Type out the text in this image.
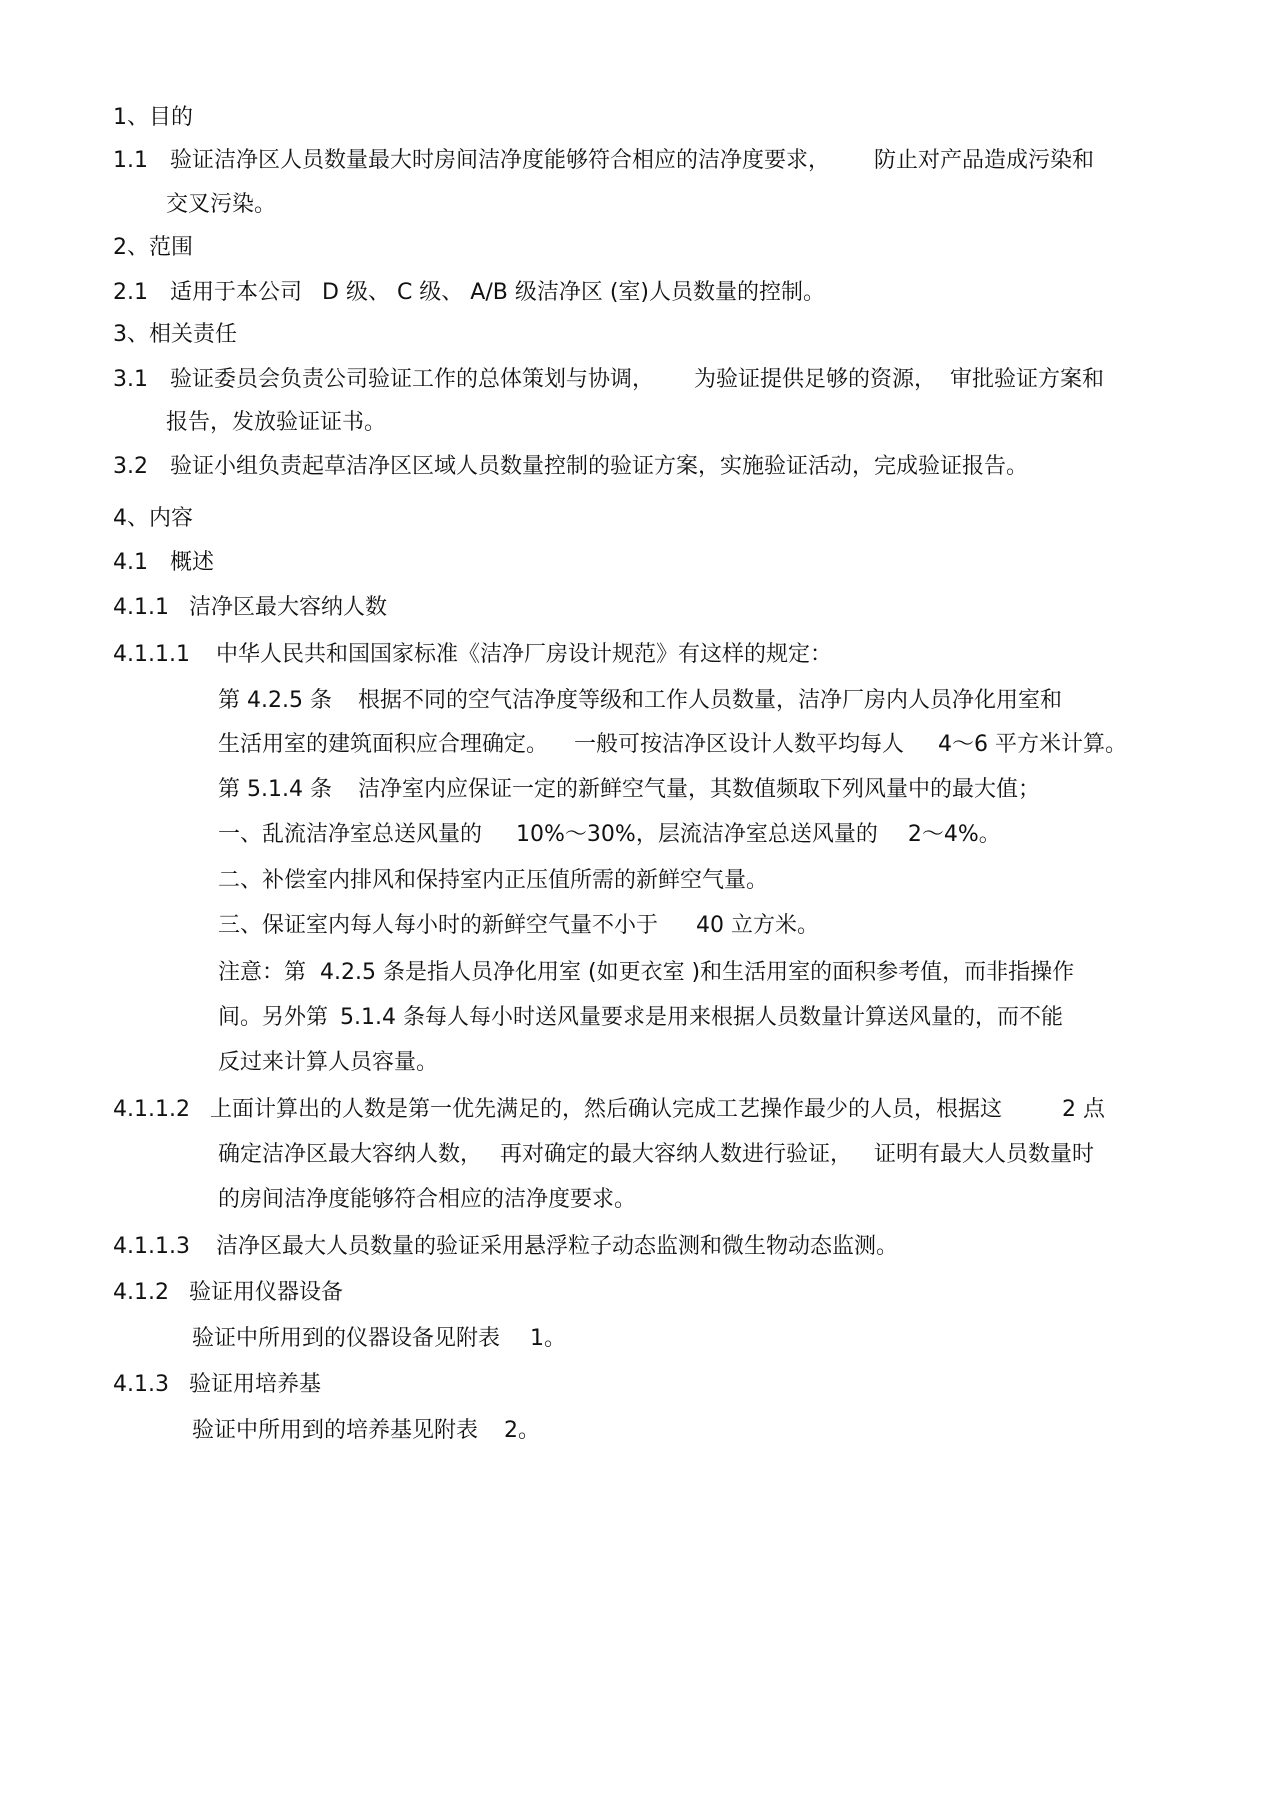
1、目的
1.1 验证洁净区人员数量最大时房间洁净度能够符合相应的洁净度要求， 防止对产品造成污染和
交叉污染。
2、范围
2.1 适用于本公司 D 级、 C 级、 A/B 级洁净区 (室)人员数量的控制。
3、相关责任
3.1 验证委员会负责公司验证工作的总体策划与协调， 为验证提供足够的资源， 审批验证方案和
报告，发放验证证书。
3.2 验证小组负责起草洁净区区域人员数量控制的验证方案，实施验证活动，完成验证报告。
4、内容
4.1 概述
4.1.1 洁净区最大容纳人数
4.1.1.1 中华人民共和国国家标准《洁净厂房设计规范》有这样的规定：
第 4.2.5 条 根据不同的空气洁净度等级和工作人员数量，洁净厂房内人员净化用室和
生活用室的建筑面积应合理确定。 一般可按洁净区设计人数平均每人 4～6 平方米计算。
第 5.1.4 条 洁净室内应保证一定的新鲜空气量，其数值频取下列风量中的最大值；
一、乱流洁净室总送风量的 10%～30%，层流洁净室总送风量的 2～4%。
二、补偿室内排风和保持室内正压值所需的新鲜空气量。
三、保证室内每人每小时的新鲜空气量不小于 40 立方米。
注意：第 4.2.5 条是指人员净化用室 (如更衣室 )和生活用室的面积参考值，而非指操作
间。另外第 5.1.4 条每人每小时送风量要求是用来根据人员数量计算送风量的，而不能
反过来计算人员容量。
4.1.1.2 上面计算出的人数是第一优先满足的，然后确认完成工艺操作最少的人员，根据这	2 点
确定洁净区最大容纳人数， 再对确定的最大容纳人数进行验证， 证明有最大人员数量时
的房间洁净度能够符合相应的洁净度要求。
4.1.1.3 洁净区最大人员数量的验证采用悬浮粒子动态监测和微生物动态监测。
4.1.2 验证用仪器设备
验证中所用到的仪器设备见附表 1。
4.1.3 验证用培养基
验证中所用到的培养基见附表 2。
